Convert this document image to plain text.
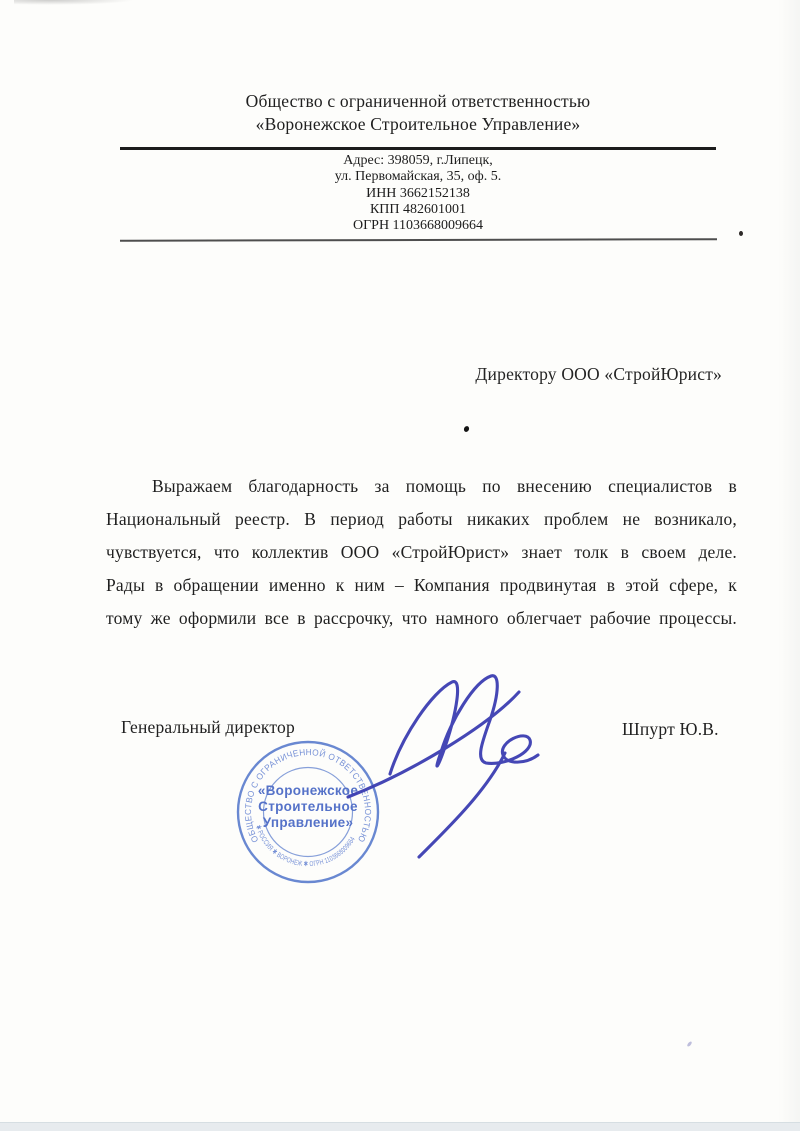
Общество с ограниченной ответственностью
«Воронежское Строительное Управление»
Адрес: 398059, г.Липецк,
ул. Первомайская, 35, оф. 5.
ИНН 3662152138
КПП 482601001
ОГРН 1103668009664
Директору ООО «СтройЮрист»
Выражаем благодарность за помощь по внесению специалистов в
Национальный реестр. В период работы никаких проблем не возникало,
чувствуется, что коллектив ООО «СтройЮрист» знает толк в своем деле.
Рады в обращении именно к ним – Компания продвинутая в этой сфере, к
тому же оформили все в рассрочку, что намного облегчает рабочие процессы.
Генеральный директор	Шпурт Ю.В.
ОБЩЕСТВО С ОГРАНИЧЕННОЙ ОТВЕТСТВЕННОСТЬЮ
✱ РОССИЯ ✱ ВОРОНЕЖ ✱ ОГРН 1103668009664
«Воронежское
Строительное
Управление»
